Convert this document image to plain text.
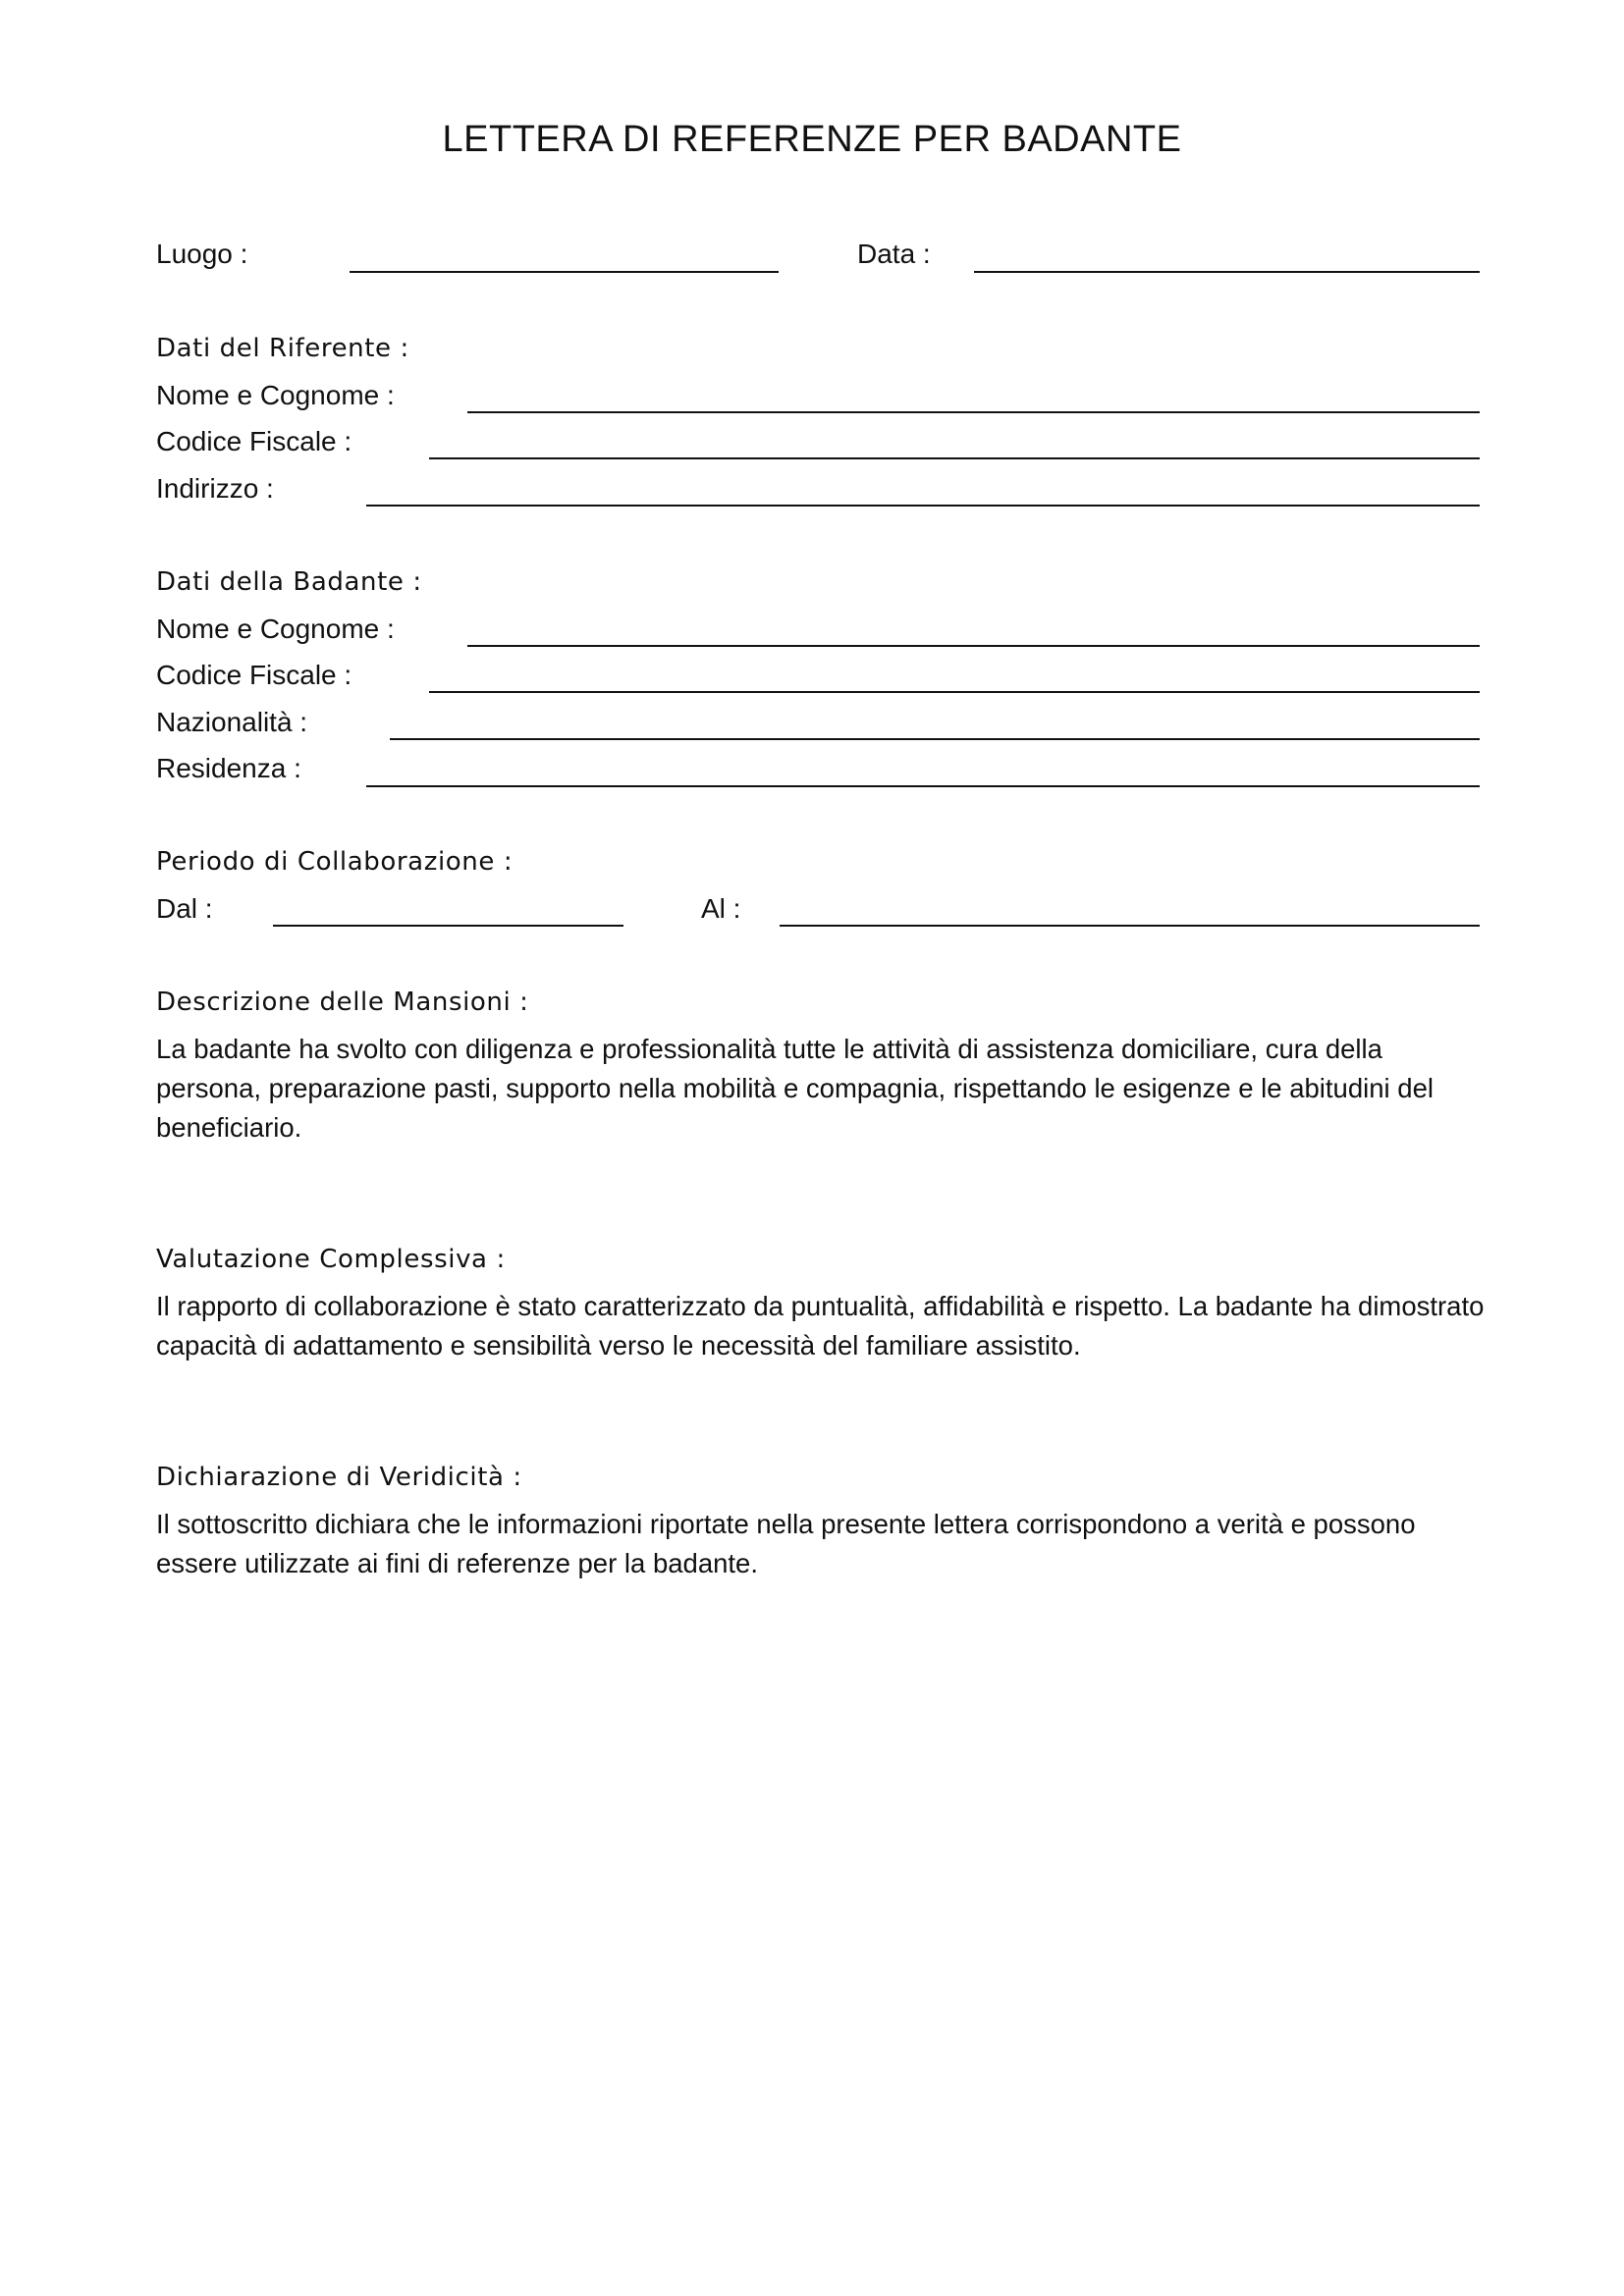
LETTERA DI REFERENZE PER BADANTE
Luogo :	Data :
Dati del Riferente :
Nome e Cognome :
Codice Fiscale :
Indirizzo :
Dati della Badante :
Nome e Cognome :
Codice Fiscale :
Nazionalità :
Residenza :
Periodo di Collaborazione :
Dal :	Al :
Descrizione delle Mansioni :
La badante ha svolto con diligenza e professionalità tutte le attività di assistenza domiciliare, cura della persona, preparazione pasti, supporto nella mobilità e compagnia, rispettando le esigenze e le abitudini del beneficiario.
Valutazione Complessiva :
Il rapporto di collaborazione è stato caratterizzato da puntualità, affidabilità e rispetto. La badante ha dimostrato capacità di adattamento e sensibilità verso le necessità del familiare assistito.
Dichiarazione di Veridicità :
Il sottoscritto dichiara che le informazioni riportate nella presente lettera corrispondono a verità e possono essere utilizzate ai fini di referenze per la badante.
